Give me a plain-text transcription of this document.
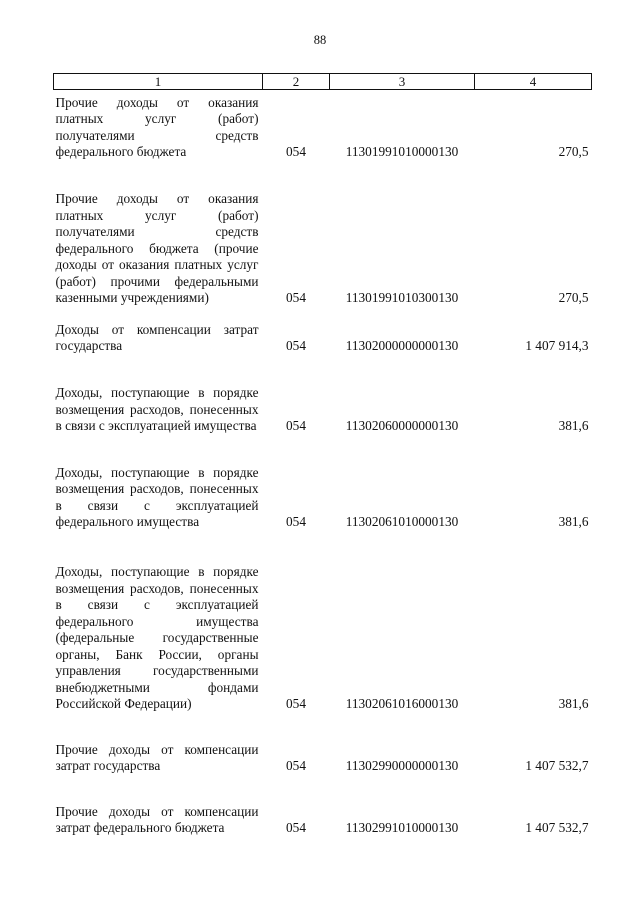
88
1	2	3	4
Прочие доходы от оказания платных услуг (работ) получателями средств федерального бюджета	054	11301991010000130	270,5
Прочие доходы от оказания платных услуг (работ) получателями средств федерального бюджета (прочие доходы от оказания платных услуг (работ) прочими федеральными казенными учреждениями)	054	11301991010300130	270,5
Доходы от компенсации затрат государства	054	11302000000000130	1 407 914,3
Доходы, поступающие в порядке возмещения расходов, понесенных в связи с эксплуатацией имущества	054	11302060000000130	381,6
Доходы, поступающие в порядке возмещения расходов, понесенных в связи с эксплуатацией федерального имущества	054	11302061010000130	381,6
Доходы, поступающие в порядке возмещения расходов, понесенных в связи с эксплуатацией федерального имущества (федеральные государственные органы, Банк России, органы управления государственными внебюджетными фондами Российской Федерации)	054	11302061016000130	381,6
Прочие доходы от компенсации затрат государства	054	11302990000000130	1 407 532,7
Прочие доходы от компенсации затрат федерального бюджета	054	11302991010000130	1 407 532,7
